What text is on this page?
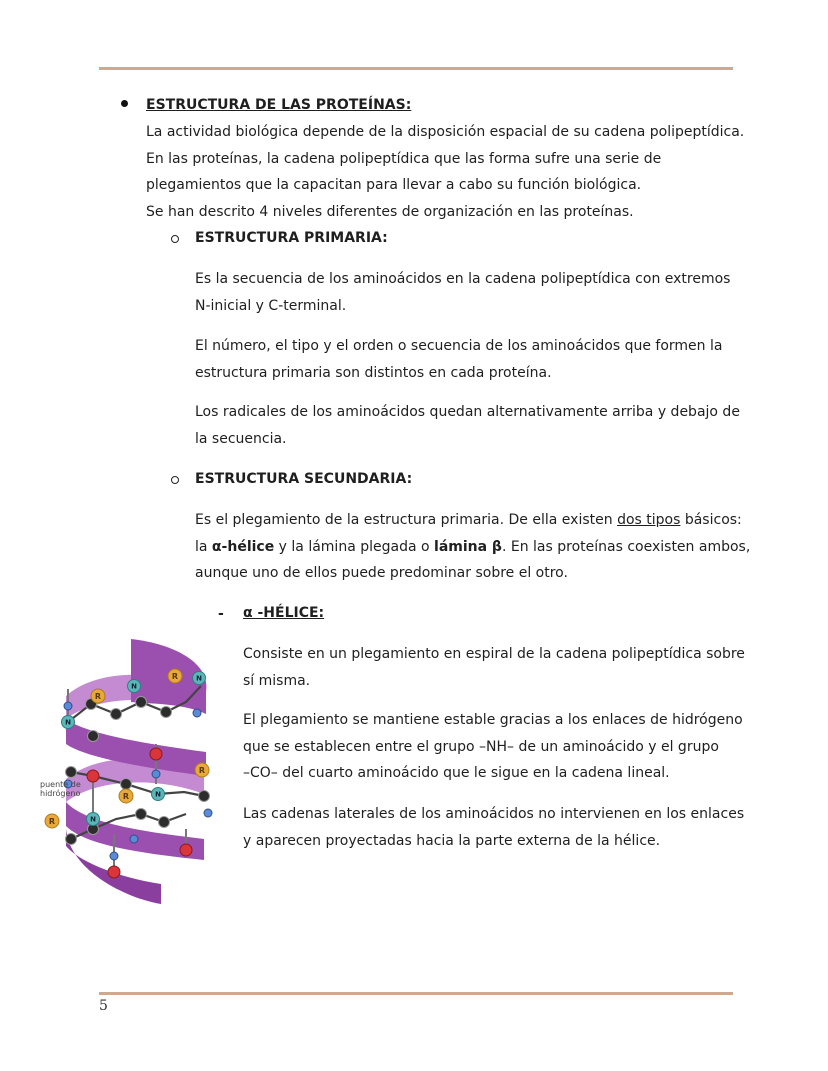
ESTRUCTURA DE LAS PROTEÍNAS:

La actividad biológica depende de la disposición espacial de su cadena polipeptídica.

En las proteínas, la cadena polipeptídica que las forma sufre una serie de

plegamientos que la capacitan para llevar a cabo su función biológica.

Se han descrito 4 niveles diferentes de organización en las proteínas.

ESTRUCTURA PRIMARIA:

Es la secuencia de los aminoácidos en la cadena polipeptídica con extremos

N-inicial y C-terminal.

El número, el tipo y el orden o secuencia de los aminoácidos que formen la

estructura primaria son distintos en cada proteína.

Los radicales de los aminoácidos quedan alternativamente arriba y debajo de

la secuencia.

ESTRUCTURA SECUNDARIA:

Es el plegamiento de la estructura primaria. De ella existen dos tipos básicos:

la α-hélice y la lámina plegada o lámina β. En las proteínas coexisten ambos,

aunque uno de ellos puede predominar sobre el otro.

- α -HÉLICE:

Consiste en un plegamiento en espiral de la cadena polipeptídica sobre

sí misma.

El plegamiento se mantiene estable gracias a los enlaces de hidrógeno

que se establecen entre el grupo –NH– de un aminoácido y el grupo

–CO– del cuarto aminoácido que le sigue en la cadena lineal.

Las cadenas laterales de los aminoácidos no intervienen en los enlaces

y aparecen proyectadas hacia la parte externa de la hélice.

R
R
R
R
R
N
N
N
N
N
puente de
hidrógeno
5
